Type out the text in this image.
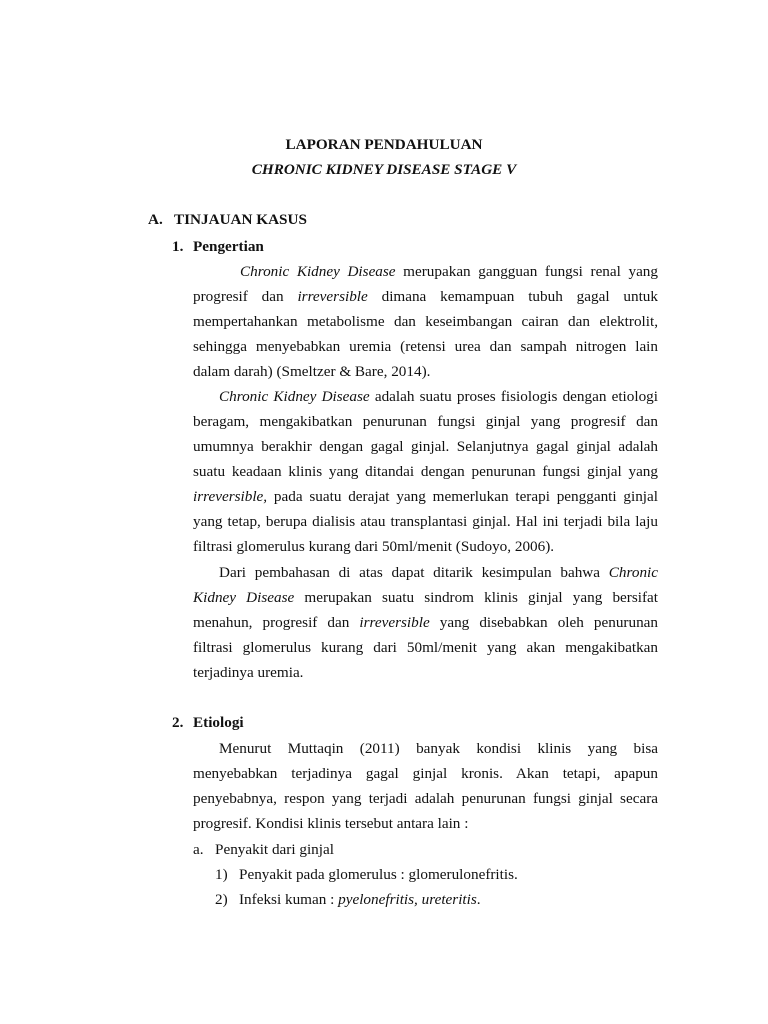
LAPORAN PENDAHULUAN
CHRONIC KIDNEY DISEASE STAGE V
A. TINJAUAN KASUS
1. Pengertian
Chronic Kidney Disease merupakan gangguan fungsi renal yang
progresif dan irreversible dimana kemampuan tubuh gagal untuk
mempertahankan metabolisme dan keseimbangan cairan dan elektrolit,
sehingga menyebabkan uremia (retensi urea dan sampah nitrogen lain
dalam darah) (Smeltzer & Bare, 2014).
Chronic Kidney Disease adalah suatu proses fisiologis dengan etiologi
beragam, mengakibatkan penurunan fungsi ginjal yang progresif dan
umumnya berakhir dengan gagal ginjal. Selanjutnya gagal ginjal adalah
suatu keadaan klinis yang ditandai dengan penurunan fungsi ginjal yang
irreversible, pada suatu derajat yang memerlukan terapi pengganti ginjal
yang tetap, berupa dialisis atau transplantasi ginjal. Hal ini terjadi bila laju
filtrasi glomerulus kurang dari 50ml/menit (Sudoyo, 2006).
Dari pembahasan di atas dapat ditarik kesimpulan bahwa Chronic
Kidney Disease merupakan suatu sindrom klinis ginjal yang bersifat
menahun, progresif dan irreversible yang disebabkan oleh penurunan
filtrasi glomerulus kurang dari 50ml/menit yang akan mengakibatkan
terjadinya uremia.
2. Etiologi
Menurut Muttaqin (2011) banyak kondisi klinis yang bisa
menyebabkan terjadinya gagal ginjal kronis. Akan tetapi, apapun
penyebabnya, respon yang terjadi adalah penurunan fungsi ginjal secara
progresif. Kondisi klinis tersebut antara lain :
a. Penyakit dari ginjal
1) Penyakit pada glomerulus : glomerulonefritis.
2) Infeksi kuman : pyelonefritis, ureteritis.
